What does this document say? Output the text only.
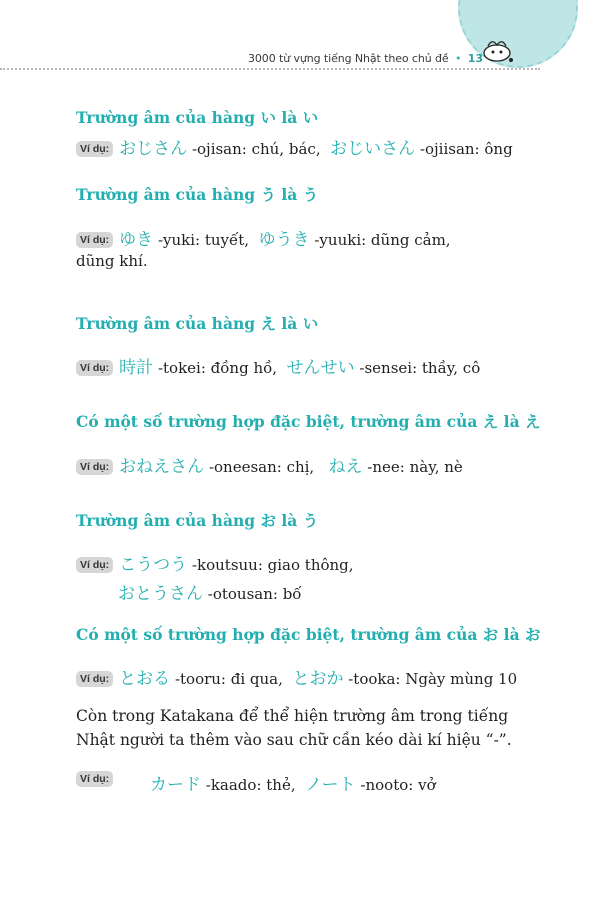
3000 từ vựng tiếng Nhật theo chủ đề • 13
Trường âm của hàng い là い
Ví dụ: おじさん -ojisan: chú, bác, おじいさん -ojiisan: ông
Trường âm của hàng う là う
Ví dụ: ゆき -yuki: tuyết, ゆうき -yuuki: dũng cảm,
dũng khí.
Trường âm của hàng え là い
Ví dụ: 時計 -tokei: đồng hồ, せんせい -sensei: thầy, cô
Có một số trường hợp đặc biệt, trường âm của え là え
Ví dụ: おねえさん -oneesan: chị, ねえ -nee: này, nè
Trường âm của hàng お là う
Ví dụ: こうつう -koutsuu: giao thông,
おとうさん -otousan: bố
Có một số trường hợp đặc biệt, trường âm của お là お
Ví dụ: とおる -tooru: đi qua, とおか -tooka: Ngày mùng 10
Còn trong Katakana để thể hiện trường âm trong tiếng
Nhật người ta thêm vào sau chữ cần kéo dài kí hiệu “-”.
Ví dụ:	カード -kaado: thẻ, ノート -nooto: vở
